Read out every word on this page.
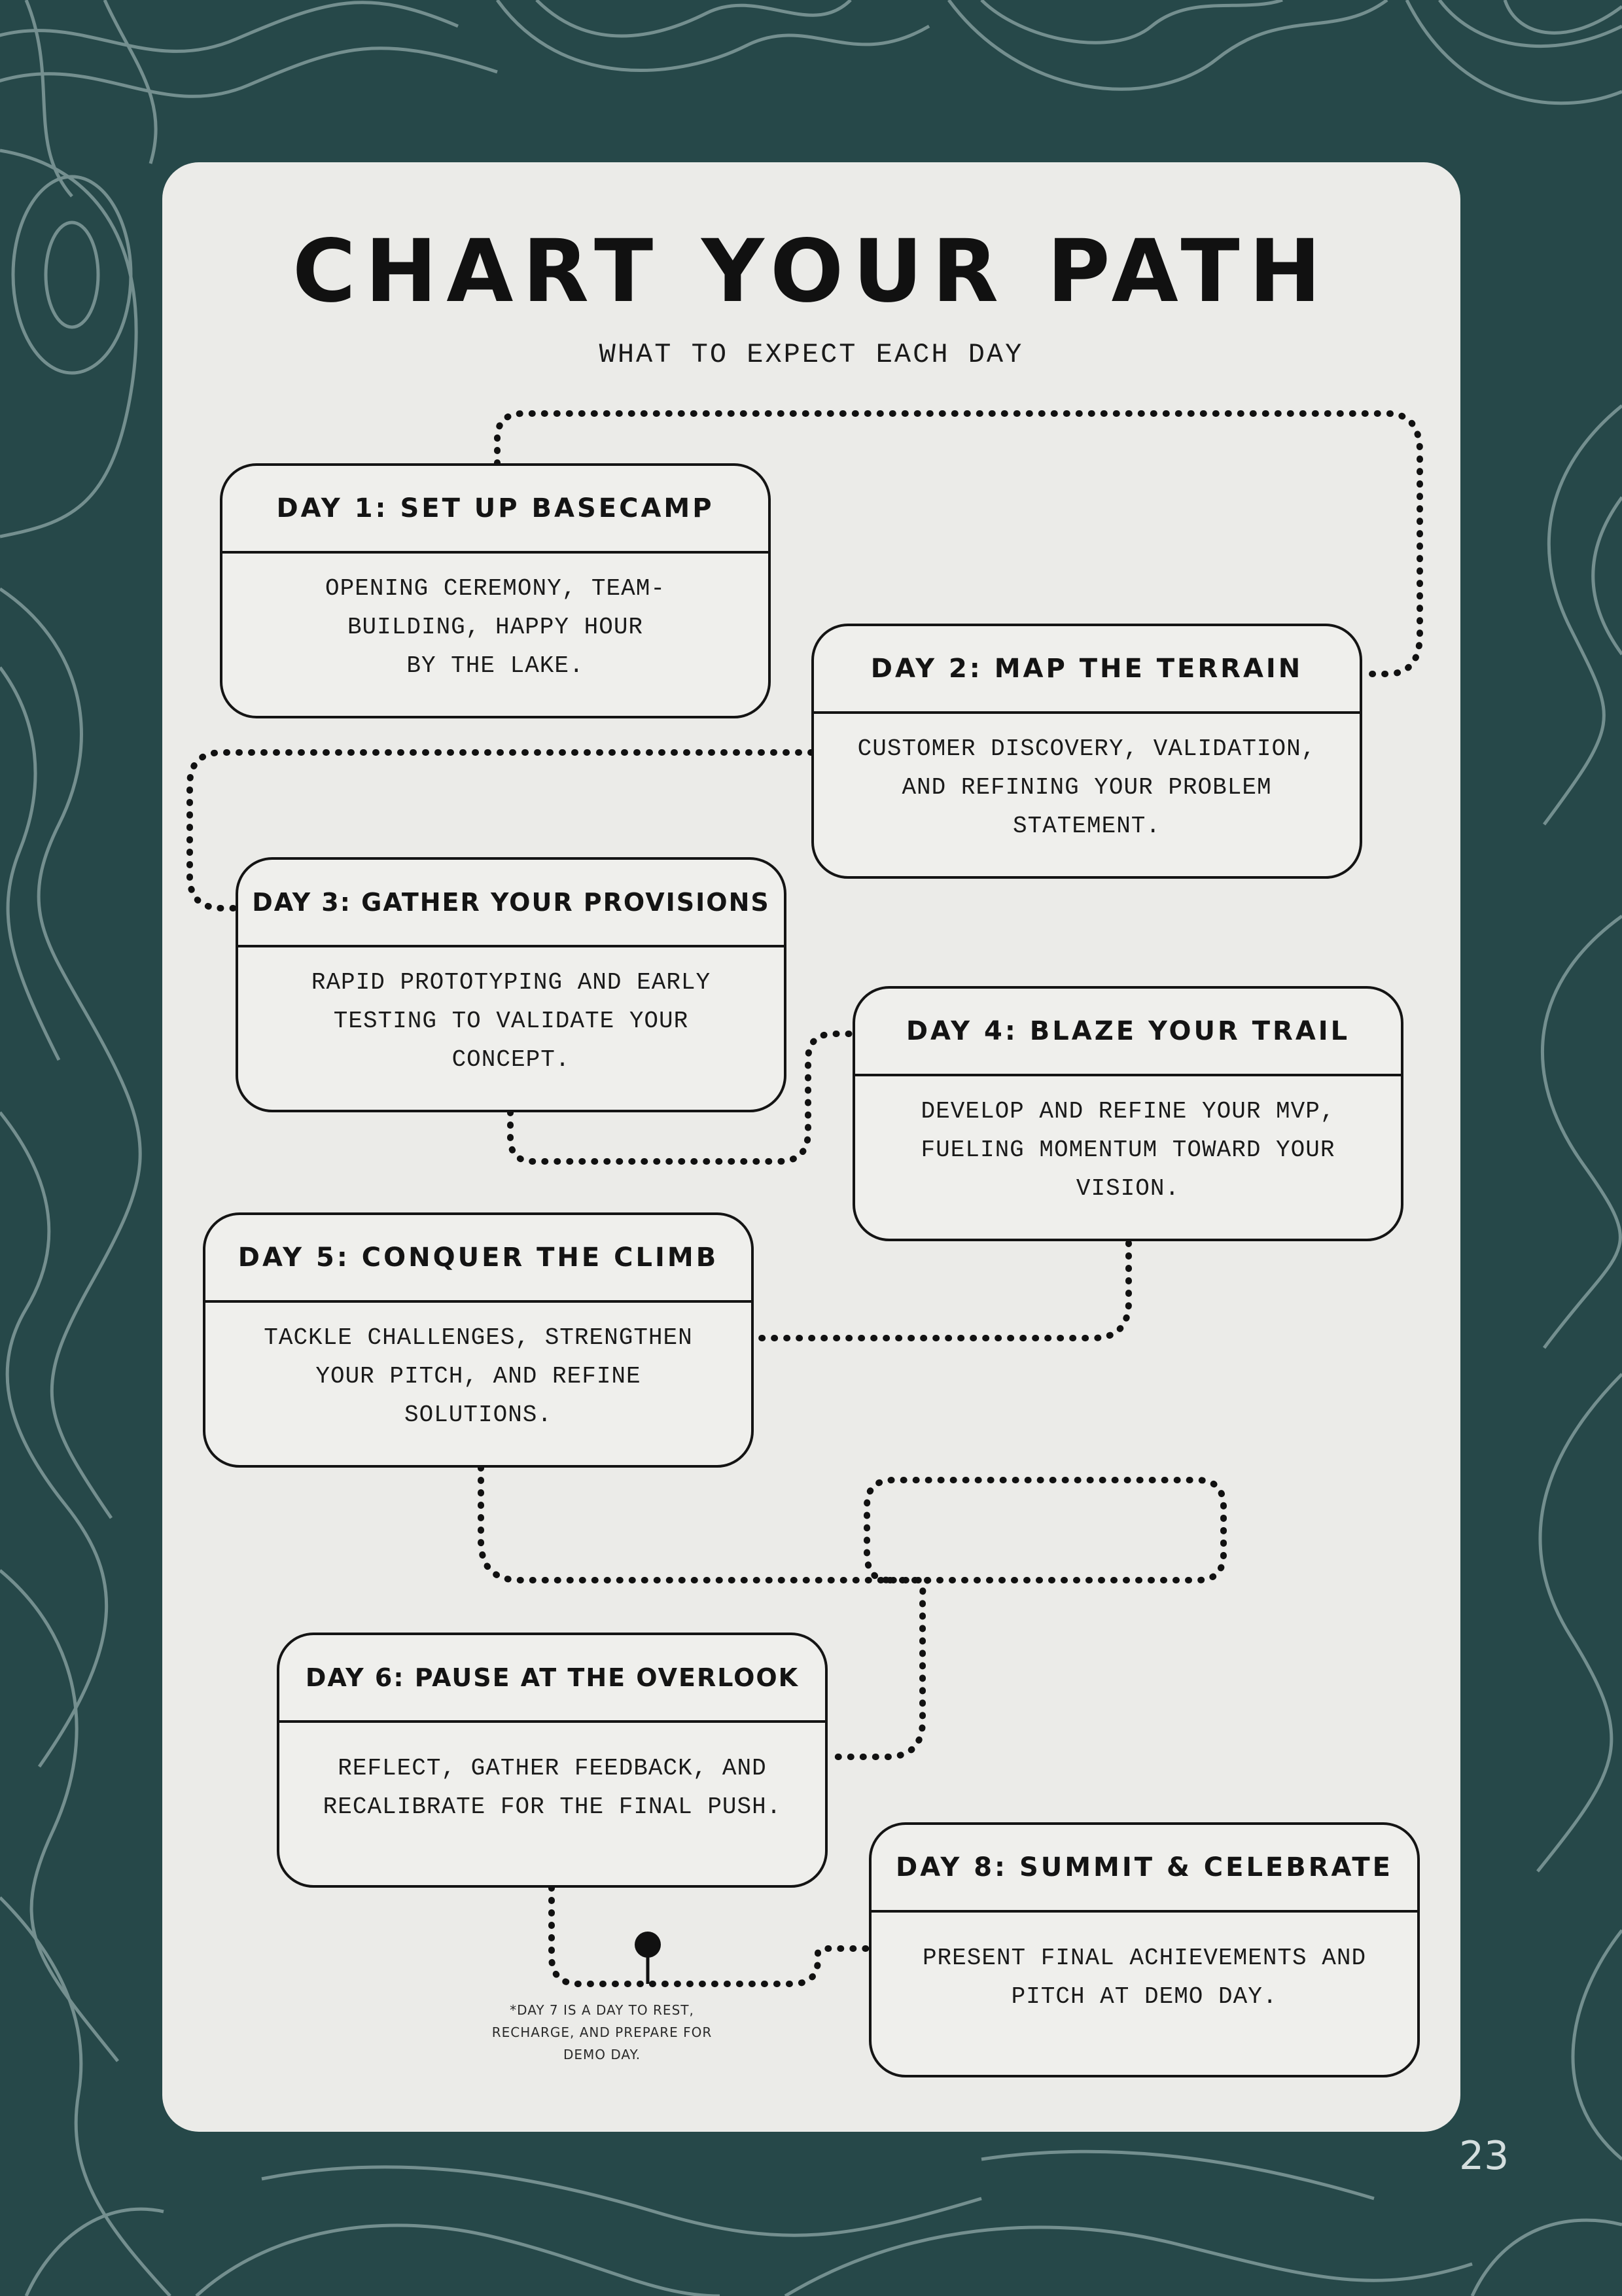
CHART YOUR PATH
WHAT TO EXPECT EACH DAY
DAY 1: SET UP BASECAMP
OPENING CEREMONY, TEAM-
BUILDING, HAPPY HOUR
BY THE LAKE.	DAY 2: MAP THE TERRAIN
CUSTOMER DISCOVERY, VALIDATION,
AND REFINING YOUR PROBLEM
STATEMENT.
DAY 3: GATHER YOUR PROVISIONS
RAPID PROTOTYPING AND EARLY
TESTING TO VALIDATE YOUR
CONCEPT.
DAY 4: BLAZE YOUR TRAIL
DEVELOP AND REFINE YOUR MVP,
FUELING MOMENTUM TOWARD YOUR
VISION.
DAY 5: CONQUER THE CLIMB
TACKLE CHALLENGES, STRENGTHEN
YOUR PITCH, AND REFINE
SOLUTIONS.
DAY 6: PAUSE AT THE OVERLOOK
REFLECT, GATHER FEEDBACK, AND
RECALIBRATE FOR THE FINAL PUSH.
DAY 8: SUMMIT & CELEBRATE
PRESENT FINAL ACHIEVEMENTS AND
PITCH AT DEMO DAY.
*DAY 7 IS A DAY TO REST,
RECHARGE, AND PREPARE FOR
DEMO DAY.
23
